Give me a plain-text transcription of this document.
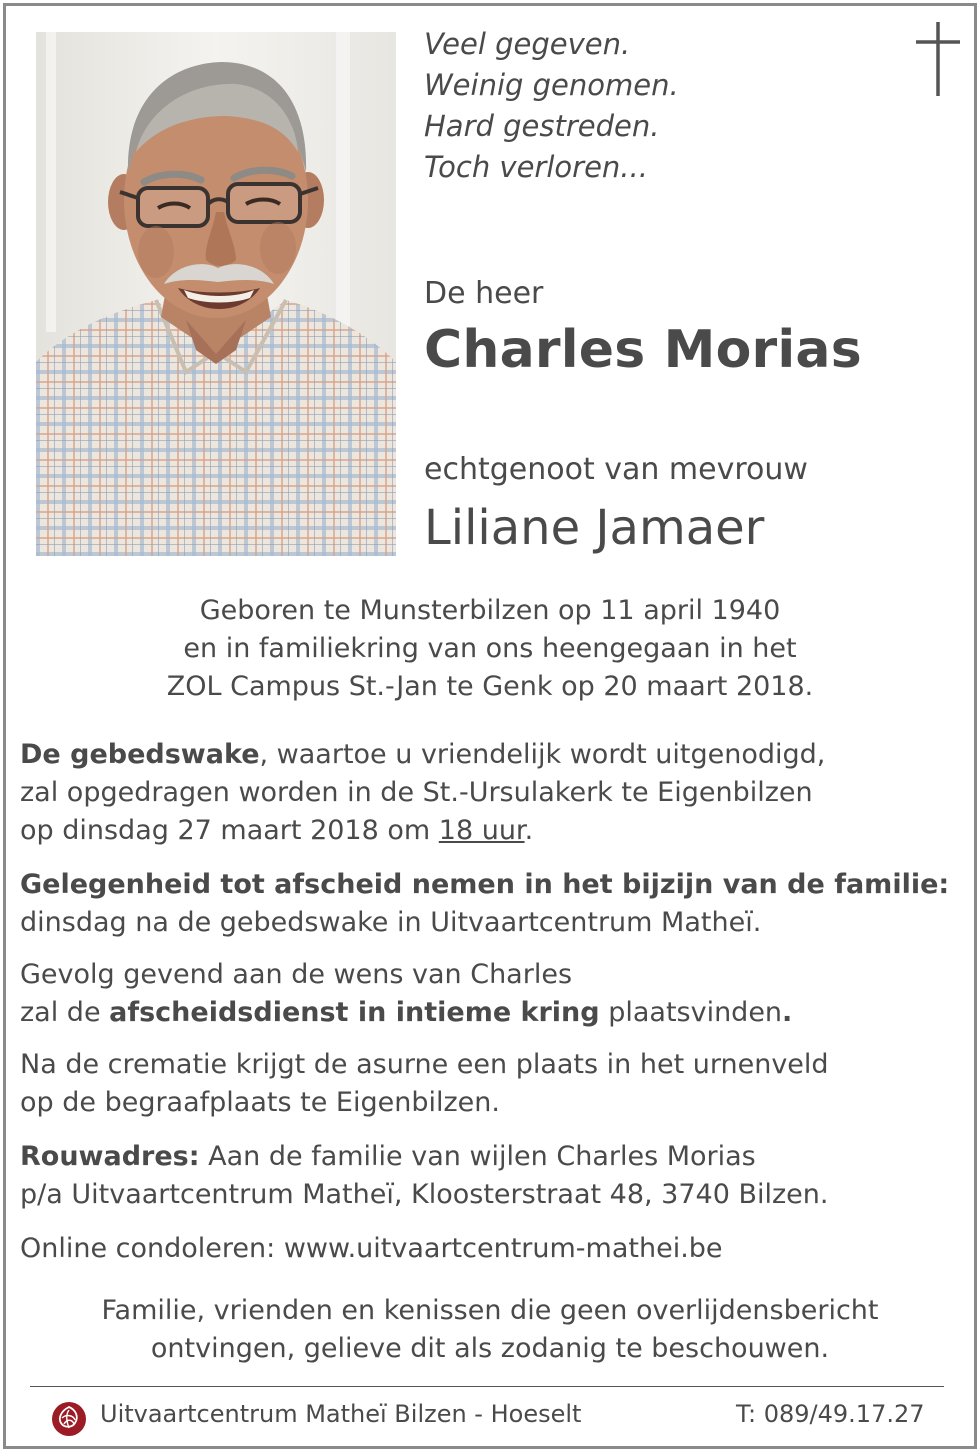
Veel gegeven.
Weinig genomen.
Hard gestreden.
Toch verloren...
De heer
Charles Morias
echtgenoot van mevrouw
Liliane Jamaer
Geboren te Munsterbilzen op 11 april 1940
en in familiekring van ons heengegaan in het
ZOL Campus St.-Jan te Genk op 20 maart 2018.
De gebedswake, waartoe u vriendelijk wordt uitgenodigd,
zal opgedragen worden in de St.-Ursulakerk te Eigenbilzen
op dinsdag 27 maart 2018 om 18 uur.
Gelegenheid tot afscheid nemen in het bijzijn van de familie:
dinsdag na de gebedswake in Uitvaartcentrum Matheï.
Gevolg gevend aan de wens van Charles
zal de afscheidsdienst in intieme kring plaatsvinden.
Na de crematie krijgt de asurne een plaats in het urnenveld
op de begraafplaats te Eigenbilzen.
Rouwadres: Aan de familie van wijlen Charles Morias
p/a Uitvaartcentrum Matheï, Kloosterstraat 48, 3740 Bilzen.
Online condoleren: www.uitvaartcentrum-mathei.be
Familie, vrienden en kenissen die geen overlijdensbericht
ontvingen, gelieve dit als zodanig te beschouwen.
Uitvaartcentrum Matheï Bilzen - Hoeselt	T: 089/49.17.27
